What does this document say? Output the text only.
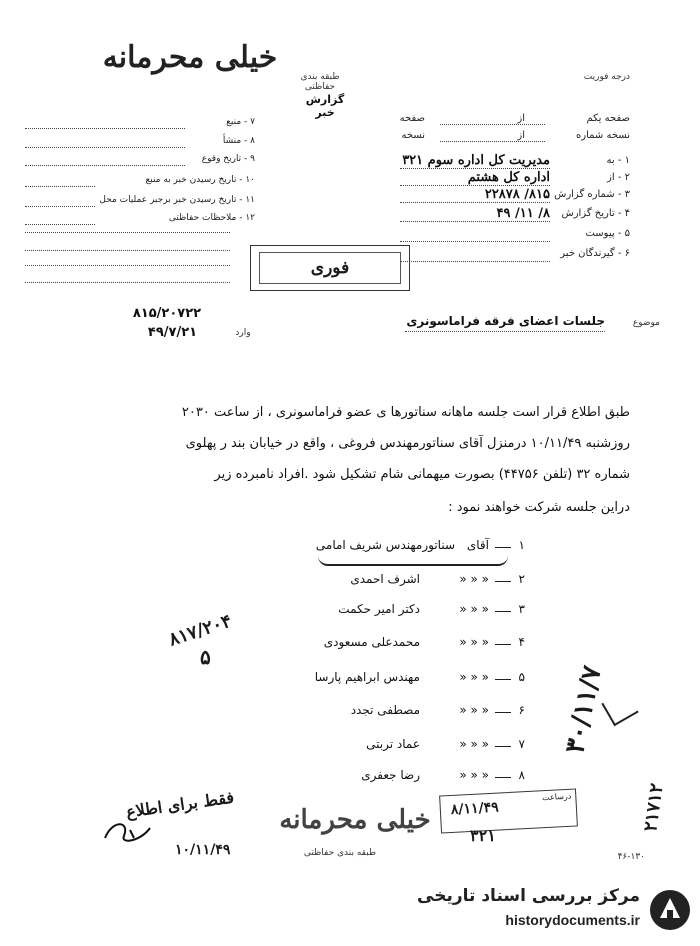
خیلی محرمانه
طبقه بندی حفاظتی
درجه فوریت
گزارش خبر	صفحه یکم
از
صفحه
نسخه شماره
از
نسخه
۱ - به
مدیریت کل اداره سوم ۳۲۱
۲ - از
اداره کل هشتم
۳ - شماره گزارش
۸۱۵/ ۲۲۸۷۸
۴ - تاریخ گزارش
۸/ ۱۱/ ۴۹
۵ - پیوست
۶ - گیرندگان خبر
۷ - منبع
۸ - منشأ
۹ - تاریخ وقوع
۱۰ - تاریخ رسیدن خبر به منبع
۱۱ - تاریخ رسیدن خبر برجبر عملیات محل
۱۲ - ملاحظات حفاظتی
فوری
۸۱۵/۲۰۷۲۲
۴۹/۷/۲۱	وارد
موضوع
جلسات اعضای فرقه فراماسونری
طبق اطلاع قرار است جلسه ماهانه سناتورها ی عضو فراماسونری ، از ساعت ۲۰۳۰
روزشنبه ۱۰/۱۱/۴۹ درمنزل آقای سناتورمهندس فروغی ، واقع در خیابان بند ر پهلوی
شماره ۳۲ (تلفن ۴۴۷۵۶) بصورت میهمانی شام تشکیل شود .افراد نامبرده زیر
دراین جلسه شرکت خواهند نمود :
۱
آقای
سناتورمهندس شریف امامی
۲
« « «
اشرف احمدی
۳
« « «
دکتر امیر حکمت
۴
« « «
محمدعلی مسعودی
۵
« « «
مهندس ابراهیم پارسا
۶
« « «
مصطفی تجدد
۷
« « «
عماد تربتی
۸
« « «
رضا جعفری
۸۱۷/۲۰۴
۵
۳۰/۱۱/۷
۲۱۷۱۲
فقط برای اطلاع
۱۰/۱۱/۴۹
درساعت
۸/۱۱/۴۹
۳۲۱
خیلی محرمانه
طبقه بندی حفاظتی	۴۶-۱۳۰
مرکز بررسی اسناد تاریخی
historydocuments.ir
